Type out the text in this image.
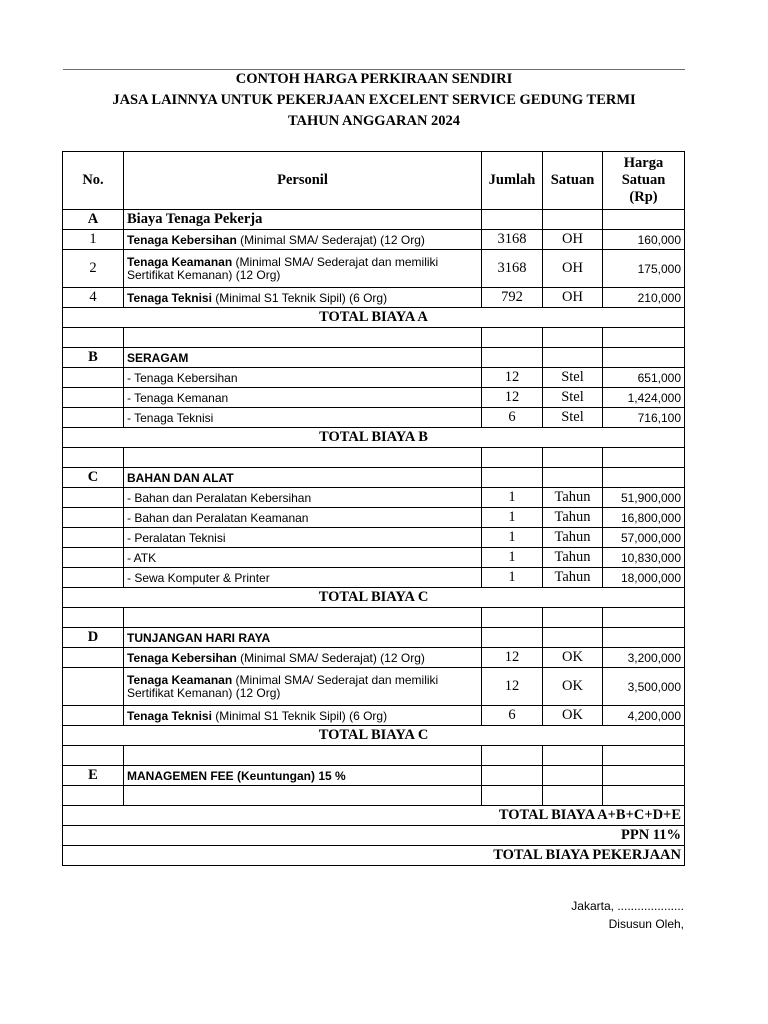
CONTOH HARGA PERKIRAAN SENDIRI
JASA LAINNYA UNTUK PEKERJAAN EXCELENT SERVICE GEDUNG TERMI
TAHUN ANGGARAN 2024
No.	Personil	Jumlah	Satuan	Harga Satuan (Rp)
A	Biaya Tenaga Pekerja			
1	Tenaga Kebersihan (Minimal SMA/ Sederajat) (12 Org)	3168	OH	160,000
2	Tenaga Keamanan (Minimal SMA/ Sederajat dan memiliki Sertifikat Kemanan) (12 Org)	3168	OH	175,000
4	Tenaga Teknisi (Minimal S1 Teknik Sipil) (6 Org)	792	OH	210,000
TOTAL BIAYA A				

B	SERAGAM			
	- Tenaga Kebersihan	12	Stel	651,000
	- Tenaga Kemanan	12	Stel	1,424,000
	- Tenaga Teknisi	6	Stel	716,100
TOTAL BIAYA B				

C	BAHAN DAN ALAT			
	- Bahan dan Peralatan Kebersihan	1	Tahun	51,900,000
	- Bahan dan Peralatan Keamanan	1	Tahun	16,800,000
	- Peralatan Teknisi	1	Tahun	57,000,000
	- ATK	1	Tahun	10,830,000
	- Sewa Komputer & Printer	1	Tahun	18,000,000
TOTAL BIAYA C				

D	TUNJANGAN HARI RAYA			
	Tenaga Kebersihan (Minimal SMA/ Sederajat) (12 Org)	12	OK	3,200,000
	Tenaga Keamanan (Minimal SMA/ Sederajat dan memiliki Sertifikat Kemanan) (12 Org)	12	OK	3,500,000
	Tenaga Teknisi (Minimal S1 Teknik Sipil) (6 Org)	6	OK	4,200,000
TOTAL BIAYA C				

E	MANAGEMEN FEE (Keuntungan) 15 %			

TOTAL BIAYA A+B+C+D+E				
PPN 11%				
TOTAL BIAYA PEKERJAAN				
Jakarta, ....................
Disusun Oleh,
